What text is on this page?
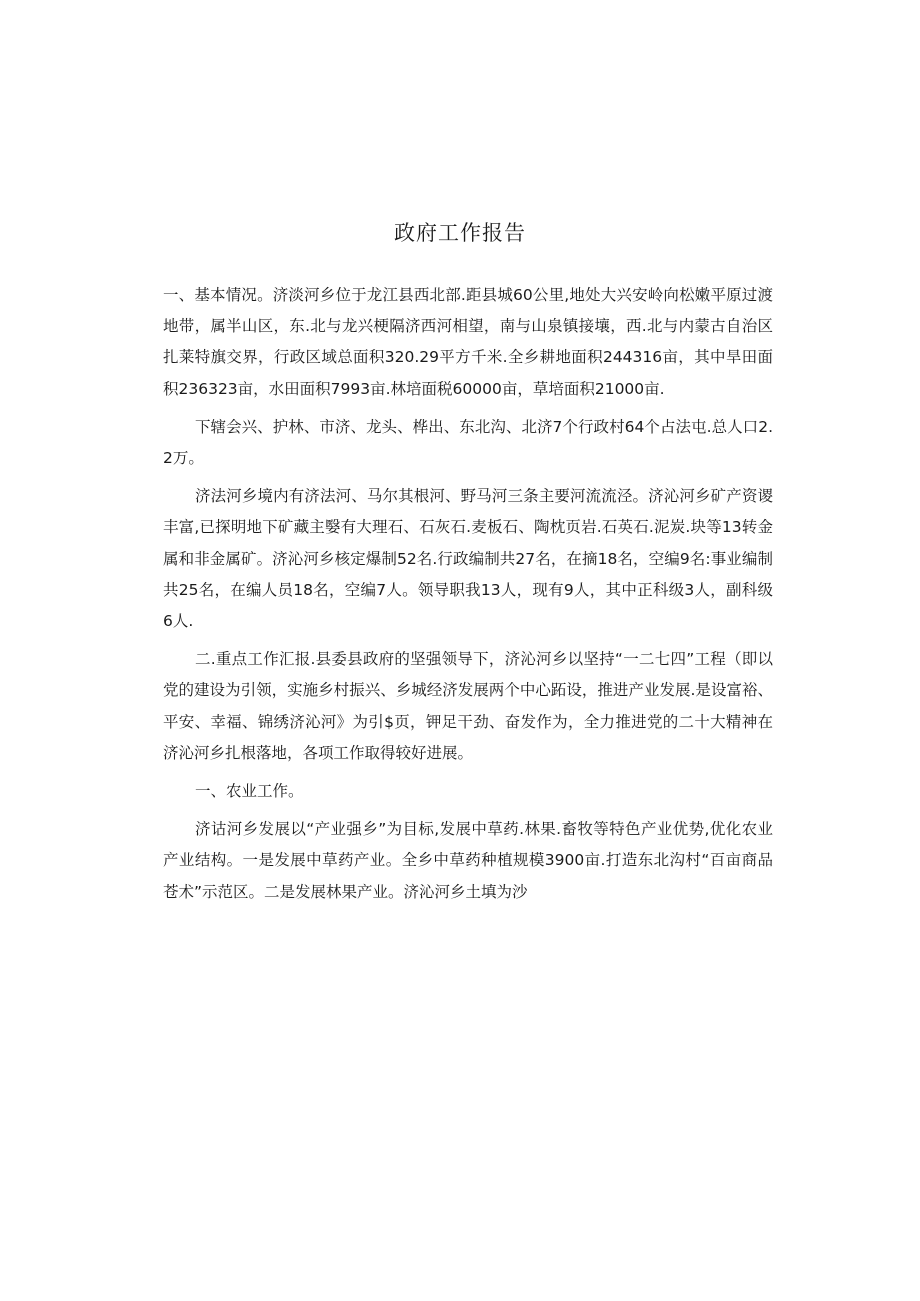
政府工作报告

一、基本情况。济淡河乡位于龙江县西北部.距县城60公里,地处大兴安岭向松嫩平原过渡地带，属半山区，东.北与龙兴梗隔济西河相望，南与山泉镇接壤，西.北与内蒙古自治区扎莱特旗交界，行政区域总面积320.29平方千米.全乡耕地面积244316亩，其中旱田面积236323亩，水田面积7993亩.林培面税60000亩，草培面积21000亩.

下辖会兴、护林、市济、龙头、桦出、东北沟、北济7个行政村64个占法屯.总人口2.2万。

济法河乡境内有济法河、马尔其根河、野马河三条主要河流流泾。济沁河乡矿产资谡丰富,已探明地下矿藏主嫛有大理石、石灰石.麦板石、陶枕页岩.石英石.泥炭.块等13转金属和非金属矿。济沁河乡核定爆制52名.行政编制共27名，在摘18名，空编9名:事业编制共25名，在编人员18名，空编7人。领导职我13人，现有9人，其中正科级3人，副科级6人.

二.重点工作汇报.县委县政府的坚强领导下，济沁河乡以坚持“一二七四”工程（即以党的建设为引领，实施乡村振兴、乡城经济发展两个中心跖设，推进产业发展.是设富裕、平安、幸福、锦绣济沁河》为引$页，钾足干劲、奋发作为，全力推进党的二十大精神在济沁河乡扎根落地，各项工作取得较好进展。

一、农业工作。

济诂河乡发展以“产业强乡”为目标,发展中草药.林果.畜牧等特色产业优势,优化农业产业结构。一是发展中草药产业。全乡中草药种植规模3900亩.打造东北沟村“百亩商品苍术”示范区。二是发展林果产业。济沁河乡土填为沙
